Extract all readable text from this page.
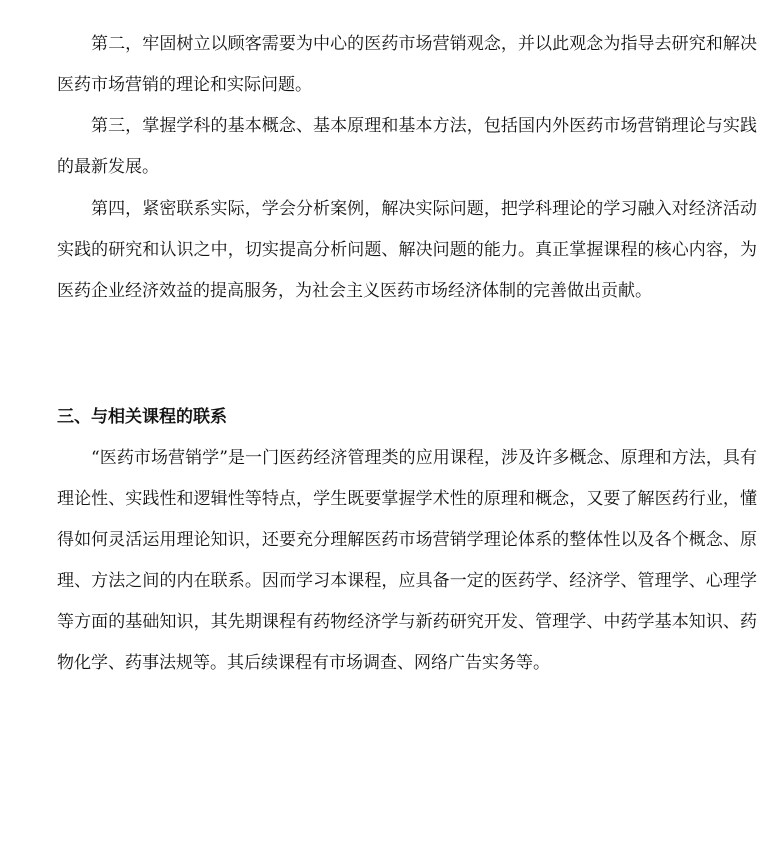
第二，牢固树立以顾客需要为中心的医药市场营销观念，并以此观念为指导去研究和解决医药市场营销的理论和实际问题。

第三，掌握学科的基本概念、基本原理和基本方法，包括国内外医药市场营销理论与实践的最新发展。

第四，紧密联系实际，学会分析案例，解决实际问题，把学科理论的学习融入对经济活动实践的研究和认识之中，切实提高分析问题、解决问题的能力。真正掌握课程的核心内容，为医药企业经济效益的提高服务，为社会主义医药市场经济体制的完善做出贡献。

三、与相关课程的联系

“医药市场营销学”是一门医药经济管理类的应用课程，涉及许多概念、原理和方法，具有理论性、实践性和逻辑性等特点，学生既要掌握学术性的原理和概念，又要了解医药行业，懂得如何灵活运用理论知识，还要充分理解医药市场营销学理论体系的整体性以及各个概念、原理、方法之间的内在联系。因而学习本课程，应具备一定的医药学、经济学、管理学、心理学等方面的基础知识，其先期课程有药物经济学与新药研究开发、管理学、中药学基本知识、药物化学、药事法规等。其后续课程有市场调查、网络广告实务等。
